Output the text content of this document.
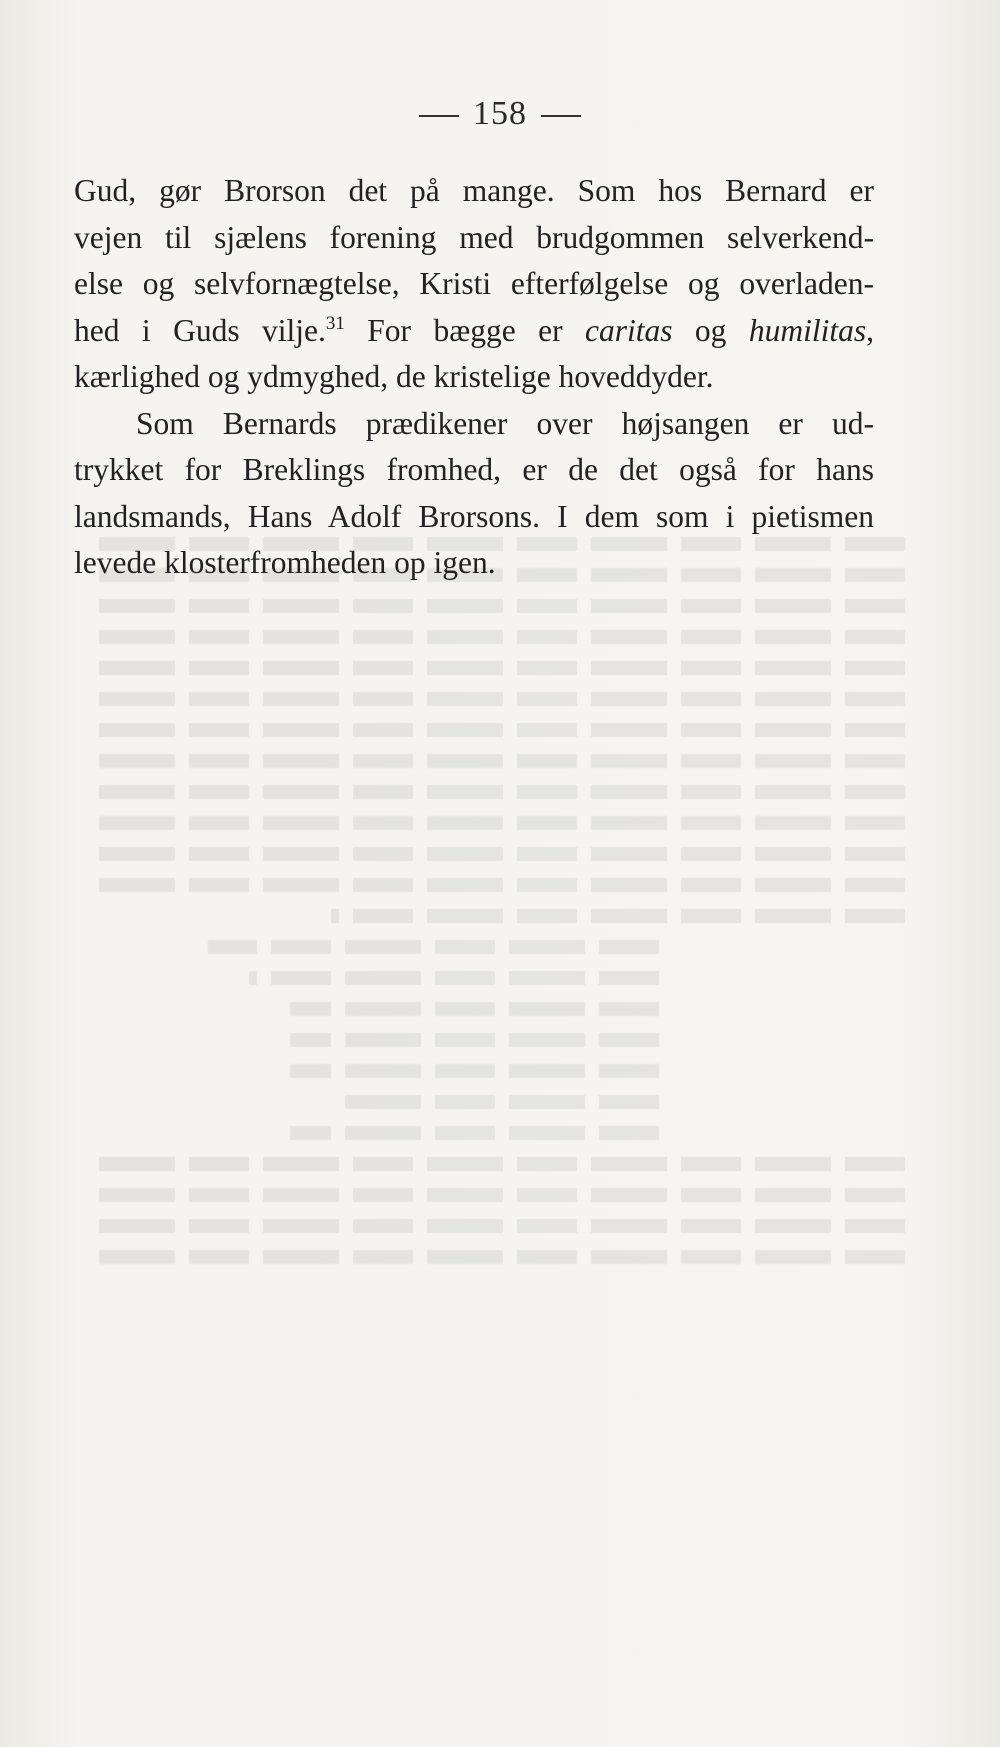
158
Gud, gør Brorson det på mange. Som hos Bernard er
vejen til sjælens forening med brudgommen selverkend-
else og selvfornægtelse, Kristi efterfølgelse og overladen-
hed i Guds vilje.$^{31}$ For bægge er caritas og humilitas,
kærlighed og ydmyghed, de kristelige hoveddyder.
Som Bernards prædikener over højsangen er ud-
trykket for Breklings fromhed, er de det også for hans
landsmands, Hans Adolf Brorsons. I dem som i pietismen
levede klosterfromheden op igen.
